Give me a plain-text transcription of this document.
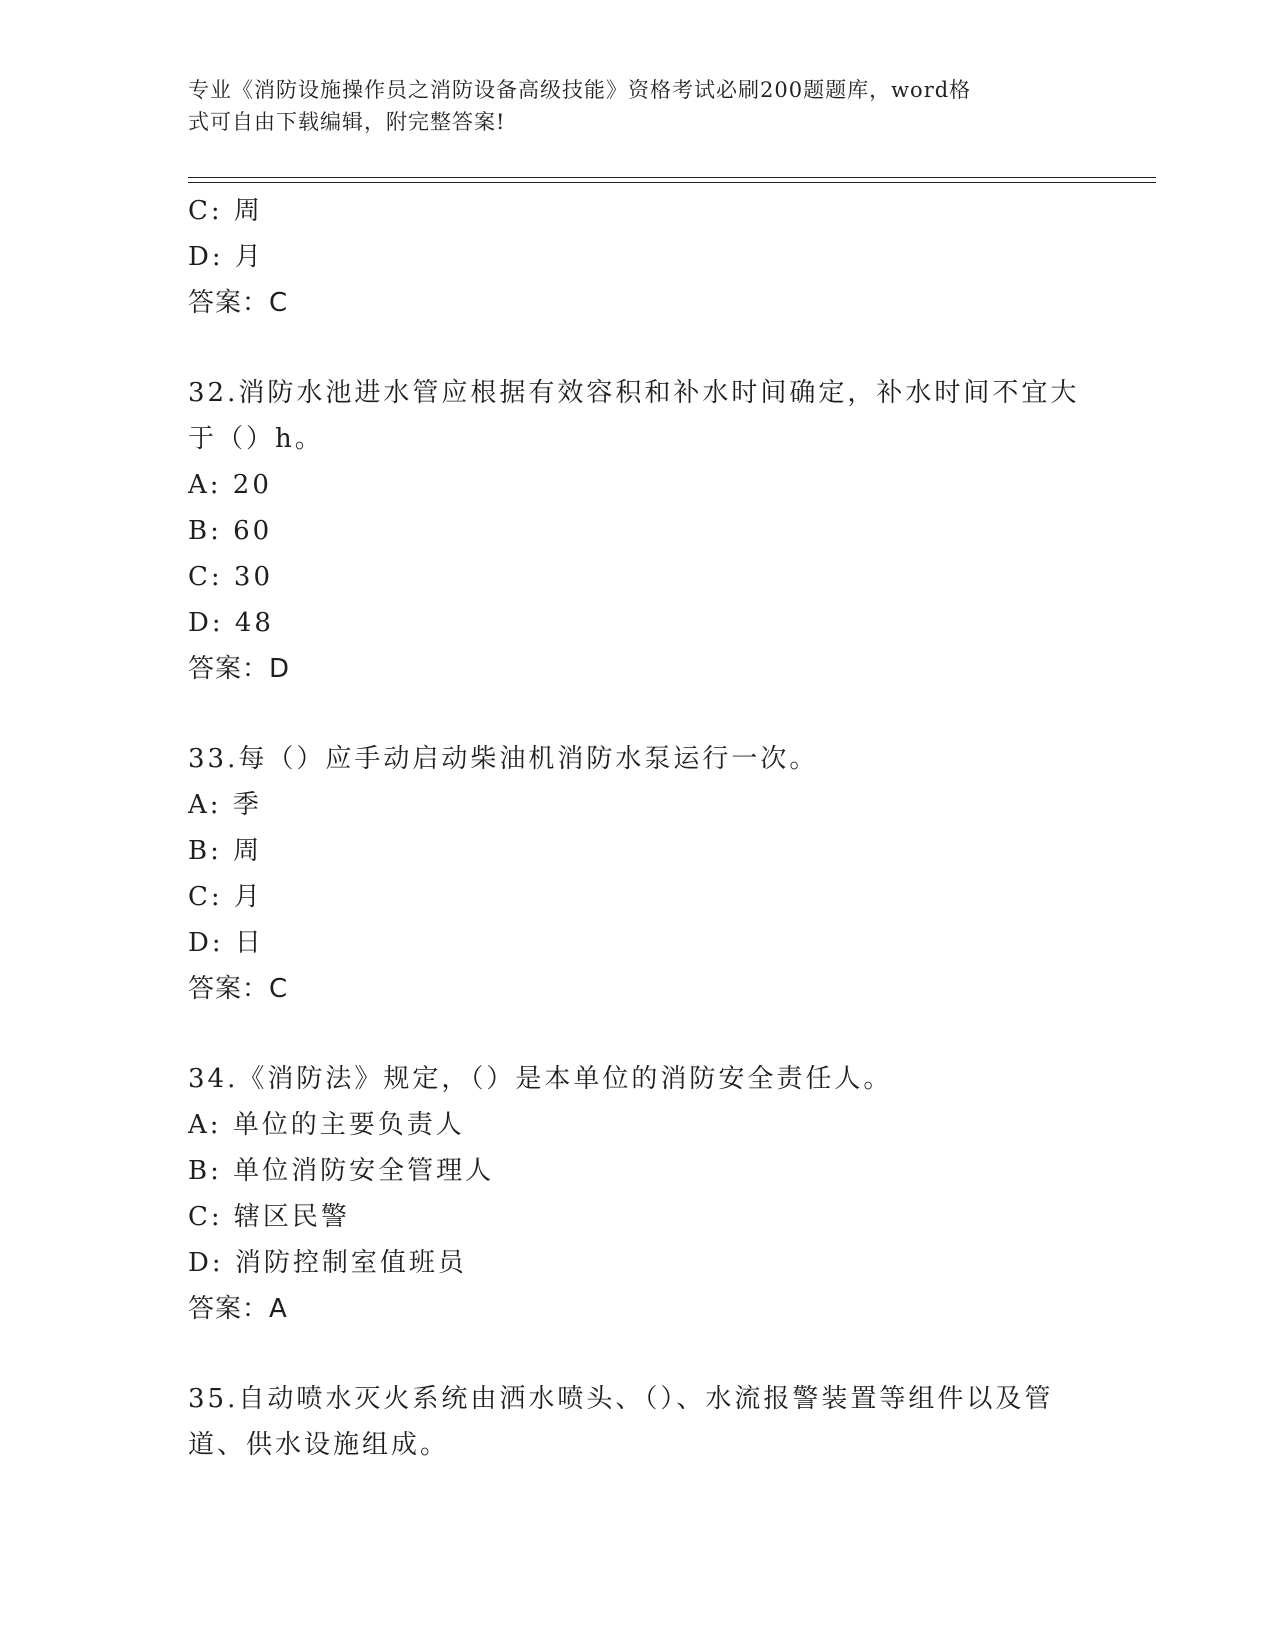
专业《消防设施操作员之消防设备高级技能》资格考试必刷200题题库，word格
式可自由下载编辑，附完整答案!
C: 周
D: 月
答案：C
32.消防水池进水管应根据有效容积和补水时间确定，补水时间不宜大
于（）h。
A: 20
B: 60
C: 30
D: 48
答案：D
33.每（）应手动启动柴油机消防水泵运行一次。
A: 季
B: 周
C: 月
D: 日
答案：C
34.《消防法》规定，（）是本单位的消防安全责任人。
A: 单位的主要负责人
B: 单位消防安全管理人
C: 辖区民警
D: 消防控制室值班员
答案：A
35.自动喷水灭火系统由洒水喷头、（）、水流报警装置等组件以及管
道、供水设施组成。
